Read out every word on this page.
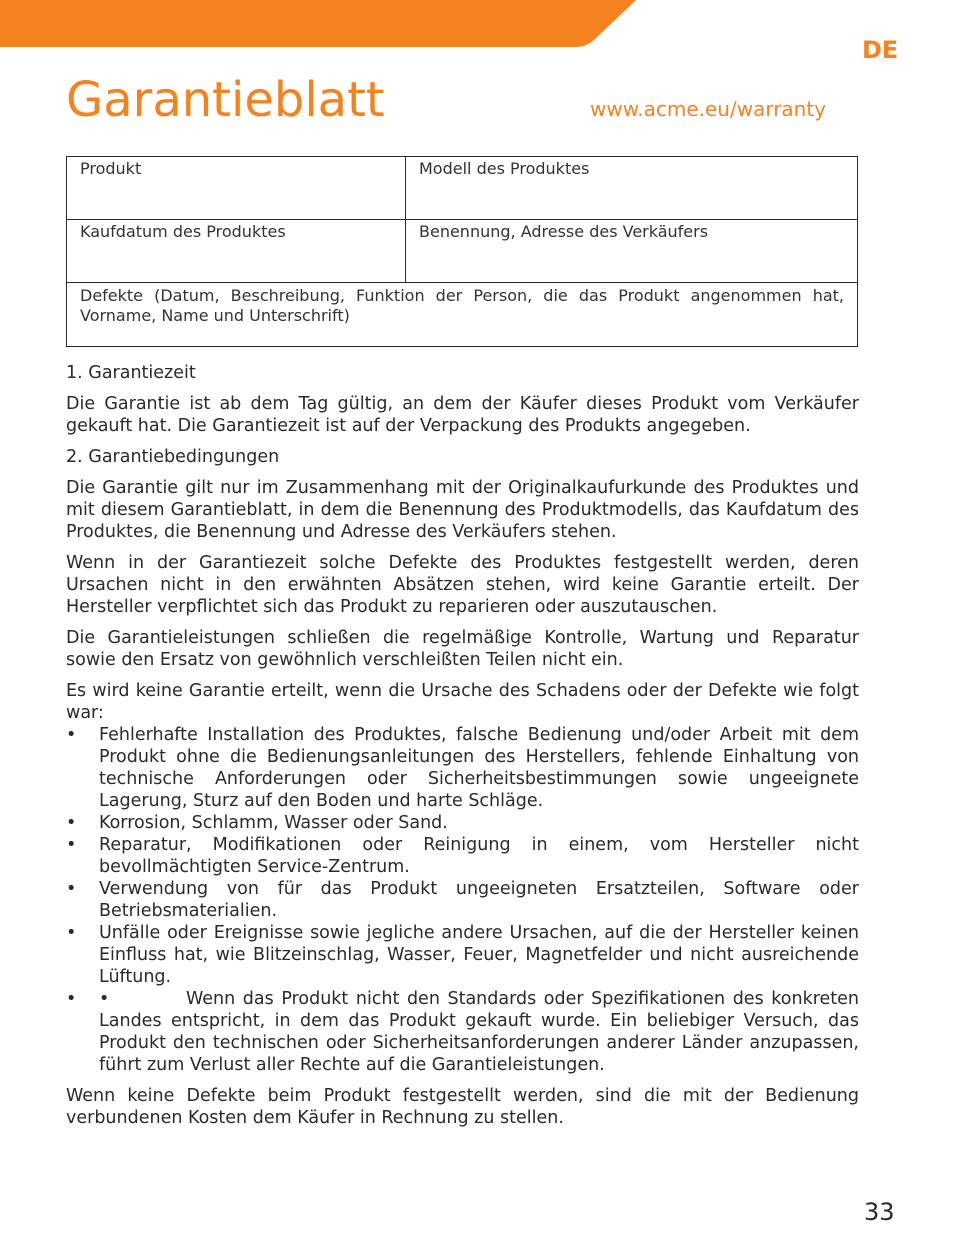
DE
Garantieblatt	www.acme.eu/warranty
Produkt	Modell des Produktes
Kaufdatum des Produktes	Benennung, Adresse des Verkäufers
Defekte (Datum, Beschreibung, Funktion der Person, die das Produkt angenommen hat, Vorname, Name und Unterschrift)	
1. Garantiezeit

Die Garantie ist ab dem Tag gültig, an dem der Käufer dieses Produkt vom Verkäufer gekauft hat. Die Garantiezeit ist auf der Verpackung des Produkts angegeben.

2. Garantiebedingungen

Die Garantie gilt nur im Zusammenhang mit der Originalkaufurkunde des Produktes und mit diesem Garantieblatt, in dem die Benennung des Produktmodells, das Kaufdatum des Produktes, die Benennung und Adresse des Verkäufers stehen.

Wenn in der Garantiezeit solche Defekte des Produktes festgestellt werden, deren Ursachen nicht in den erwähnten Absätzen stehen, wird keine Garantie erteilt. Der Hersteller verpflichtet sich das Produkt zu reparieren oder auszutauschen.

Die Garantieleistungen schließen die regelmäßige Kontrolle, Wartung und Reparatur sowie den Ersatz von gewöhnlich verschleißten Teilen nicht ein.

Es wird keine Garantie erteilt, wenn die Ursache des Schadens oder der Defekte wie folgt war:

• Fehlerhafte Installation des Produktes, falsche Bedienung und/oder Arbeit mit dem Produkt ohne die Bedienungsanleitungen des Herstellers, fehlende Einhaltung von technische Anforderungen oder Sicherheitsbestimmungen sowie ungeeignete Lagerung, Sturz auf den Boden und harte Schläge.
• Korrosion, Schlamm, Wasser oder Sand.
• Reparatur, Modifikationen oder Reinigung in einem, vom Hersteller nicht bevollmächtigten Service-Zentrum.
• Verwendung von für das Produkt ungeeigneten Ersatzteilen, Software oder Betriebsmaterialien.
• Unfälle oder Ereignisse sowie jegliche andere Ursachen, auf die der Hersteller keinen Einfluss hat, wie Blitzeinschlag, Wasser, Feuer, Magnetfelder und nicht ausreichende Lüftung.
• •	Wenn das Produkt nicht den Standards oder Spezifikationen des konkreten Landes entspricht, in dem das Produkt gekauft wurde. Ein beliebiger Versuch, das Produkt den technischen oder Sicherheitsanforderungen anderer Länder anzupassen, führt zum Verlust aller Rechte auf die Garantieleistungen.

Wenn keine Defekte beim Produkt festgestellt werden, sind die mit der Bedienung verbundenen Kosten dem Käufer in Rechnung zu stellen.

33
